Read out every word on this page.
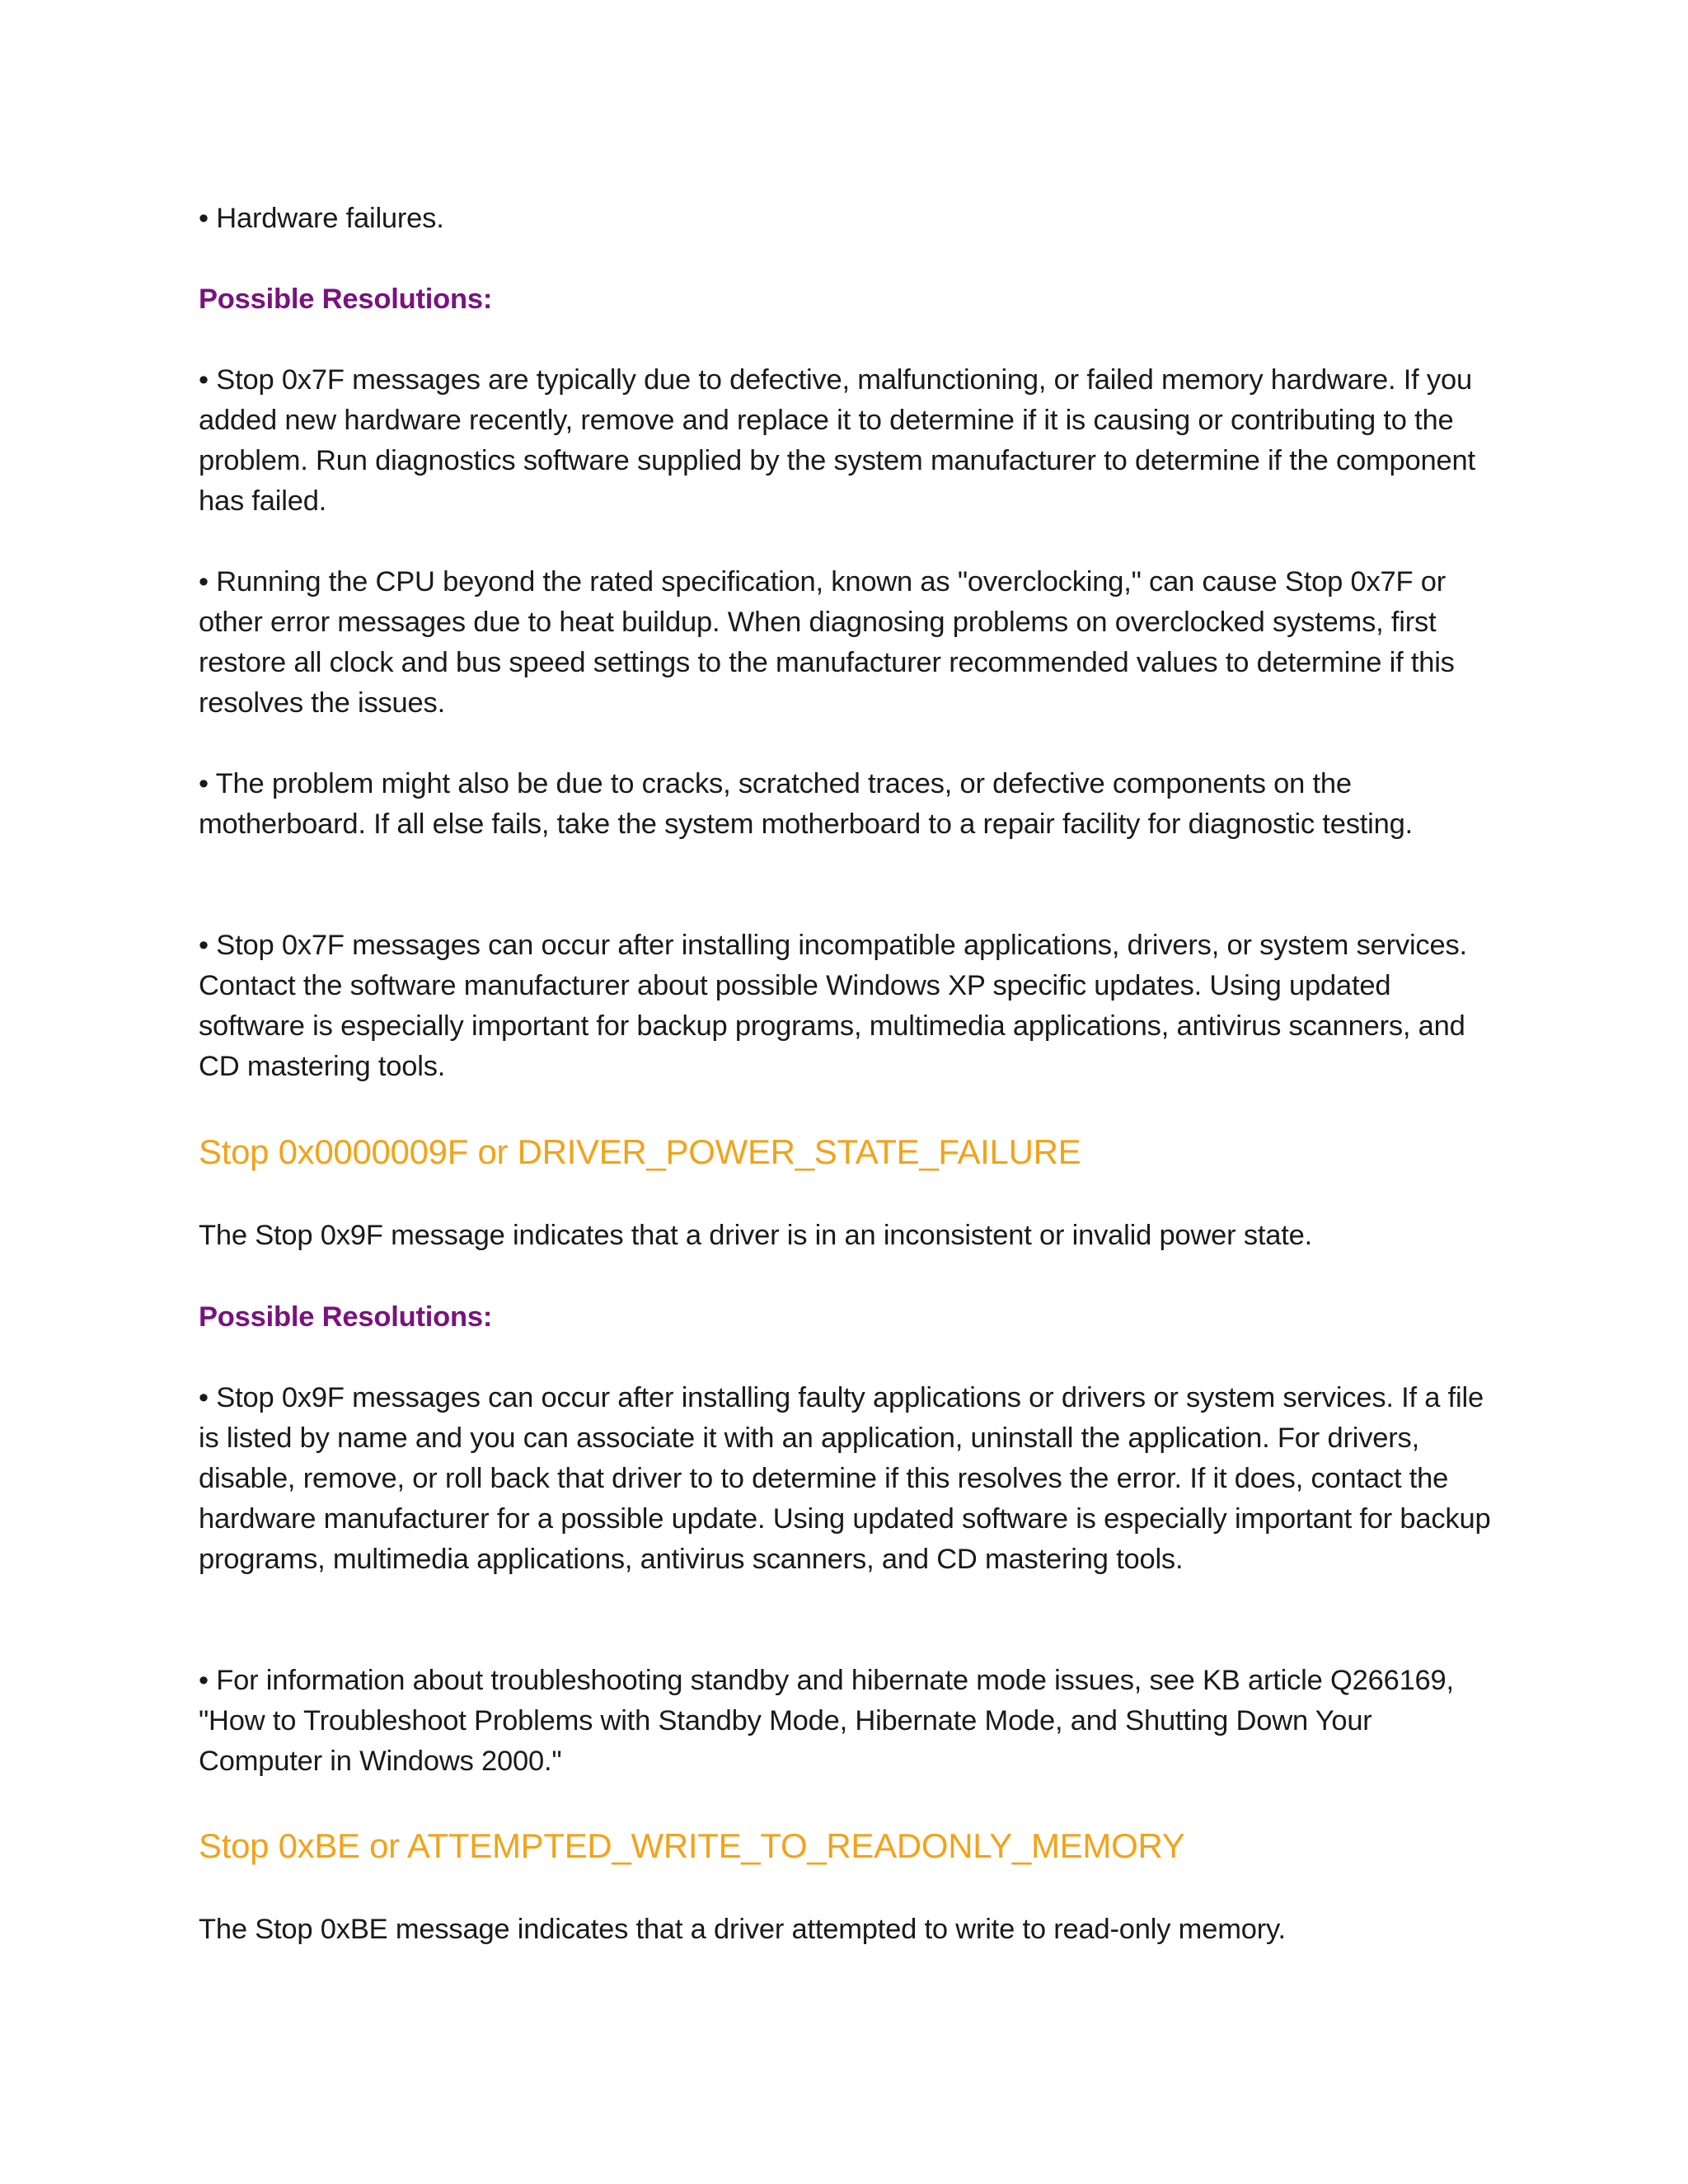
• Hardware failures.

Possible Resolutions:

• Stop 0x7F messages are typically due to defective, malfunctioning, or failed memory hardware. If you added new hardware recently, remove and replace it to determine if it is causing or contributing to the problem. Run diagnostics software supplied by the system manufacturer to determine if the component has failed.

• Running the CPU beyond the rated specification, known as "overclocking," can cause Stop 0x7F or other error messages due to heat buildup. When diagnosing problems on overclocked systems, first restore all clock and bus speed settings to the manufacturer recommended values to determine if this resolves the issues.

• The problem might also be due to cracks, scratched traces, or defective components on the motherboard. If all else fails, take the system motherboard to a repair facility for diagnostic testing.

• Stop 0x7F messages can occur after installing incompatible applications, drivers, or system services. Contact the software manufacturer about possible Windows XP specific updates. Using updated software is especially important for backup programs, multimedia applications, antivirus scanners, and CD mastering tools.

Stop 0x0000009F or DRIVER_POWER_STATE_FAILURE

The Stop 0x9F message indicates that a driver is in an inconsistent or invalid power state.

Possible Resolutions:

• Stop 0x9F messages can occur after installing faulty applications or drivers or system services. If a file is listed by name and you can associate it with an application, uninstall the application. For drivers, disable, remove, or roll back that driver to to determine if this resolves the error. If it does, contact the hardware manufacturer for a possible update. Using updated software is especially important for backup programs, multimedia applications, antivirus scanners, and CD mastering tools.

• For information about troubleshooting standby and hibernate mode issues, see KB article Q266169, "How to Troubleshoot Problems with Standby Mode, Hibernate Mode, and Shutting Down Your Computer in Windows 2000."

Stop 0xBE or ATTEMPTED_WRITE_TO_READONLY_MEMORY

The Stop 0xBE message indicates that a driver attempted to write to read-only memory.
